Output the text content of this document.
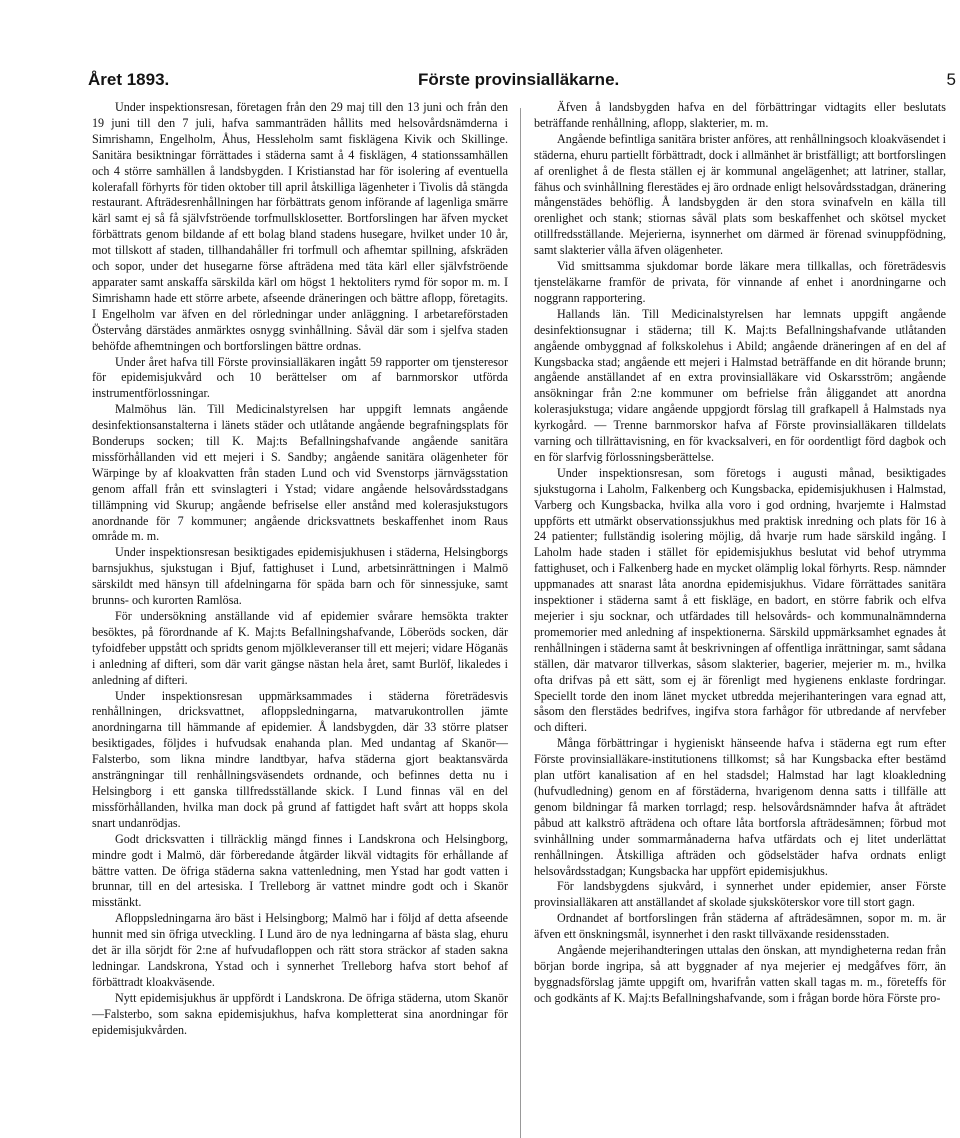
Året 1893.	Förste provinsialläkarne.	5

Under inspektionsresan, företagen från den 29 maj till den 13 juni och från den 19 juni till den 7 juli, hafva sammanträden hållits med helsovårdsnämderna i Simrishamn, Engelholm, Åhus, Hessleholm samt fisklägena Kivik och Skillinge. Sanitära besiktningar förrättades i städerna samt å 4 fisklägen, 4 stationssamhällen och 4 större samhällen å landsbygden. I Kristianstad har för isolering af eventuella kolerafall förhyrts för tiden oktober till april åtskilliga lägenheter i Tivolis då stängda restaurant. Afträdesrenhållningen har förbättrats genom införande af lagenliga smärre kärl samt ej så få självfströende torfmullsklosetter. Bortforslingen har äfven mycket förbättrats genom bildande af ett bolag bland stadens husegare, hvilket under 10 år, mot tillskott af staden, tillhandahåller fri torfmull och afhemtar spillning, afskräden och sopor, under det husegarne förse afträdena med täta kärl eller självfströende apparater samt anskaffa särskilda kärl om högst 1 hektoliters rymd för sopor m. m. I Simrishamn hade ett större arbete, afseende dräneringen och bättre aflopp, företagits. I Engelholm var äfven en del rörledningar under anläggning. I arbetareförstaden Östervång därstädes anmärktes osnygg svinhållning. Såväl där som i sjelfva staden behöfde afhemtningen och bortforslingen bättre ordnas.

Under året hafva till Förste provinsialläkaren ingått 59 rapporter om tjensteresor för epidemisjukvård och 10 berättelser om af barnmorskor utförda instrumentförlossningar.

Malmöhus län. Till Medicinalstyrelsen har uppgift lemnats angående desinfektionsanstalterna i länets städer och utlåtande angående begrafningsplats för Bonderups socken; till K. Maj:ts Befallningshafvande angående sanitära missförhållanden vid ett mejeri i S. Sandby; angående sanitära olägenheter för Wärpinge by af kloakvatten från staden Lund och vid Svenstorps järnvägsstation genom affall från ett svinslagteri i Ystad; vidare angående helsovårdsstadgans tillämpning vid Skurup; angående befriselse eller anstånd med kolerasjukstugors anordnande för 7 kommuner; angående dricksvattnets beskaffenhet inom Raus område m. m.

Under inspektionsresan besiktigades epidemisjukhusen i städerna, Helsingborgs barnsjukhus, sjukstugan i Bjuf, fattighuset i Lund, arbetsinrättningen i Malmö särskildt med hänsyn till afdelningarna för späda barn och för sinnessjuke, samt brunns- och kurorten Ramlösa.

För undersökning anställande vid af epidemier svårare hemsökta trakter besöktes, på förordnande af K. Maj:ts Befallningshafvande, Löberöds socken, där tyfoidfeber uppstått och spridts genom mjölkleveranser till ett mejeri; vidare Höganäs i anledning af difteri, som där varit gängse nästan hela året, samt Burlöf, likaledes i anledning af difteri.

Under inspektionsresan uppmärksammades i städerna företrädesvis renhållningen, dricksvattnet, afloppsledningarna, matvarukontrollen jämte anordningarna till hämmande af epidemier. Å landsbygden, där 33 större platser besiktigades, följdes i hufvudsak enahanda plan. Med undantag af Skanör—Falsterbo, som likna mindre landtbyar, hafva städerna gjort beaktansvärda ansträngningar till renhållningsväsendets ordnande, och befinnes detta nu i Helsingborg i ett ganska tillfredsställande skick. I Lund finnas väl en del missförhållanden, hvilka man dock på grund af fattigdet haft svårt att hopps skola snart undanrödjas.

Godt dricksvatten i tillräcklig mängd finnes i Landskrona och Helsingborg, mindre godt i Malmö, där förberedande åtgärder likväl vidtagits för erhållande af bättre vatten. De öfriga städerna sakna vattenledning, men Ystad har godt vatten i brunnar, till en del artesiska. I Trelleborg är vattnet mindre godt och i Skanör misstänkt.

Afloppsledningarna äro bäst i Helsingborg; Malmö har i följd af detta afseende hunnit med sin öfriga utveckling. I Lund äro de nya ledningarna af bästa slag, ehuru det är illa sörjdt för 2:ne af hufvudafloppen och rätt stora sträckor af staden sakna ledningar. Landskrona, Ystad och i synnerhet Trelleborg hafva stort behof af förbättradt kloakväsende.

Nytt epidemisjukhus är uppfördt i Landskrona. De öfriga städerna, utom Skanör—Falsterbo, som sakna epidemisjukhus, hafva kompletterat sina anordningar för epidemisjukvården.

Äfven å landsbygden hafva en del förbättringar vidtagits eller beslutats beträffande renhållning, aflopp, slakterier, m. m.

Angående befintliga sanitära brister anföres, att renhållningsoch kloakväsendet i städerna, ehuru partiellt förbättradt, dock i allmänhet är bristfälligt; att bortforslingen af orenlighet å de flesta ställen ej är kommunal angelägenhet; att latriner, stallar, fähus och svinhållning flerestädes ej äro ordnade enligt helsovårdsstadgan, dränering mångenstädes behöflig. Å landsbygden är den stora svinafveln en källa till orenlighet och stank; stiornas såväl plats som beskaffenhet och skötsel mycket otillfredsställande. Mejerierna, isynnerhet om därmed är förenad svinuppfödning, samt slakterier vålla äfven olägenheter.

Vid smittsamma sjukdomar borde läkare mera tillkallas, och företrädesvis tjensteläkarne framför de privata, för vinnande af enhet i anordningarne och noggrann rapportering.

Hallands län. Till Medicinalstyrelsen har lemnats uppgift angående desinfektionsugnar i städerna; till K. Maj:ts Befallningshafvande utlåtanden angående ombyggnad af folkskolehus i Abild; angående dräneringen af en del af Kungsbacka stad; angående ett mejeri i Halmstad beträffande en dit hörande brunn; angående anställandet af en extra provinsialläkare vid Oskarsström; angående ansökningar från 2:ne kommuner om befrielse från åliggandet att anordna kolerasjukstuga; vidare angående uppgjordt förslag till grafkapell å Halmstads nya kyrkogård. — Trenne barnmorskor hafva af Förste provinsialläkaren tilldelats varning och tillrättavisning, en för kvacksalveri, en för oordentligt förd dagbok och en för slarfvig förlossningsberättelse.

Under inspektionsresan, som företogs i augusti månad, besiktigades sjukstugorna i Laholm, Falkenberg och Kungsbacka, epidemisjukhusen i Halmstad, Varberg och Kungsbacka, hvilka alla voro i god ordning, hvarjemte i Halmstad uppförts ett utmärkt observationssjukhus med praktisk inredning och plats för 16 à 24 patienter; fullständig isolering möjlig, då hvarje rum hade särskild ingång. I Laholm hade staden i stället för epidemisjukhus beslutat vid behof utrymma fattighuset, och i Falkenberg hade en mycket olämplig lokal förhyrts. Resp. nämnder uppmanades att snarast låta anordna epidemisjukhus. Vidare förrättades sanitära inspektioner i städerna samt å ett fiskläge, en badort, en större fabrik och elfva mejerier i sju socknar, och utfärdades till helsovårds- och kommunalnämnderna promemorier med anledning af inspektionerna. Särskild uppmärksamhet egnades åt renhållningen i städerna samt åt beskrivningen af offentliga inrättningar, samt sådana ställen, där matvaror tillverkas, såsom slakterier, bagerier, mejerier m. m., hvilka ofta drifvas på ett sätt, som ej är förenligt med hygienens enklaste fordringar. Speciellt torde den inom länet mycket utbredda mejerihanteringen vara egnad att, såsom den flerstädes bedrifves, ingifva stora farhågor för utbredande af nervfeber och difteri.

Många förbättringar i hygieniskt hänseende hafva i städerna egt rum efter Förste provinsialläkare-institutionens tillkomst; så har Kungsbacka efter bestämd plan utfört kanalisation af en hel stadsdel; Halmstad har lagt kloakledning (hufvudledning) genom en af förstäderna, hvarigenom denna satts i tillfälle att genom bildningar få marken torrlagd; resp. helsovårdsnämnder hafva åt afträdet påbud att kalkströ afträdena och oftare låta bortforsla afträdesämnen; förbud mot svinhållning under sommarmånaderna hafva utfärdats och ej litet underlättat renhållningen. Åtskilliga afträden och gödselstäder hafva ordnats enligt helsovårdsstadgan; Kungsbacka har uppfört epidemisjukhus.

För landsbygdens sjukvård, i synnerhet under epidemier, anser Förste provinsialläkaren att anställandet af skolade sjuksköterskor vore till stort gagn.

Ordnandet af bortforslingen från städerna af afträdesämnen, sopor m. m. är äfven ett önskningsmål, isynnerhet i den raskt tillväxande residensstaden.

Angående mejerihandteringen uttalas den önskan, att myndigheterna redan från början borde ingripa, så att byggnader af nya mejerier ej medgåfves förr, än byggnadsförslag jämte uppgift om, hvarifrån vatten skall tagas m. m., företeffs för och godkänts af K. Maj:ts Befallningshafvande, som i frågan borde höra Förste pro-
